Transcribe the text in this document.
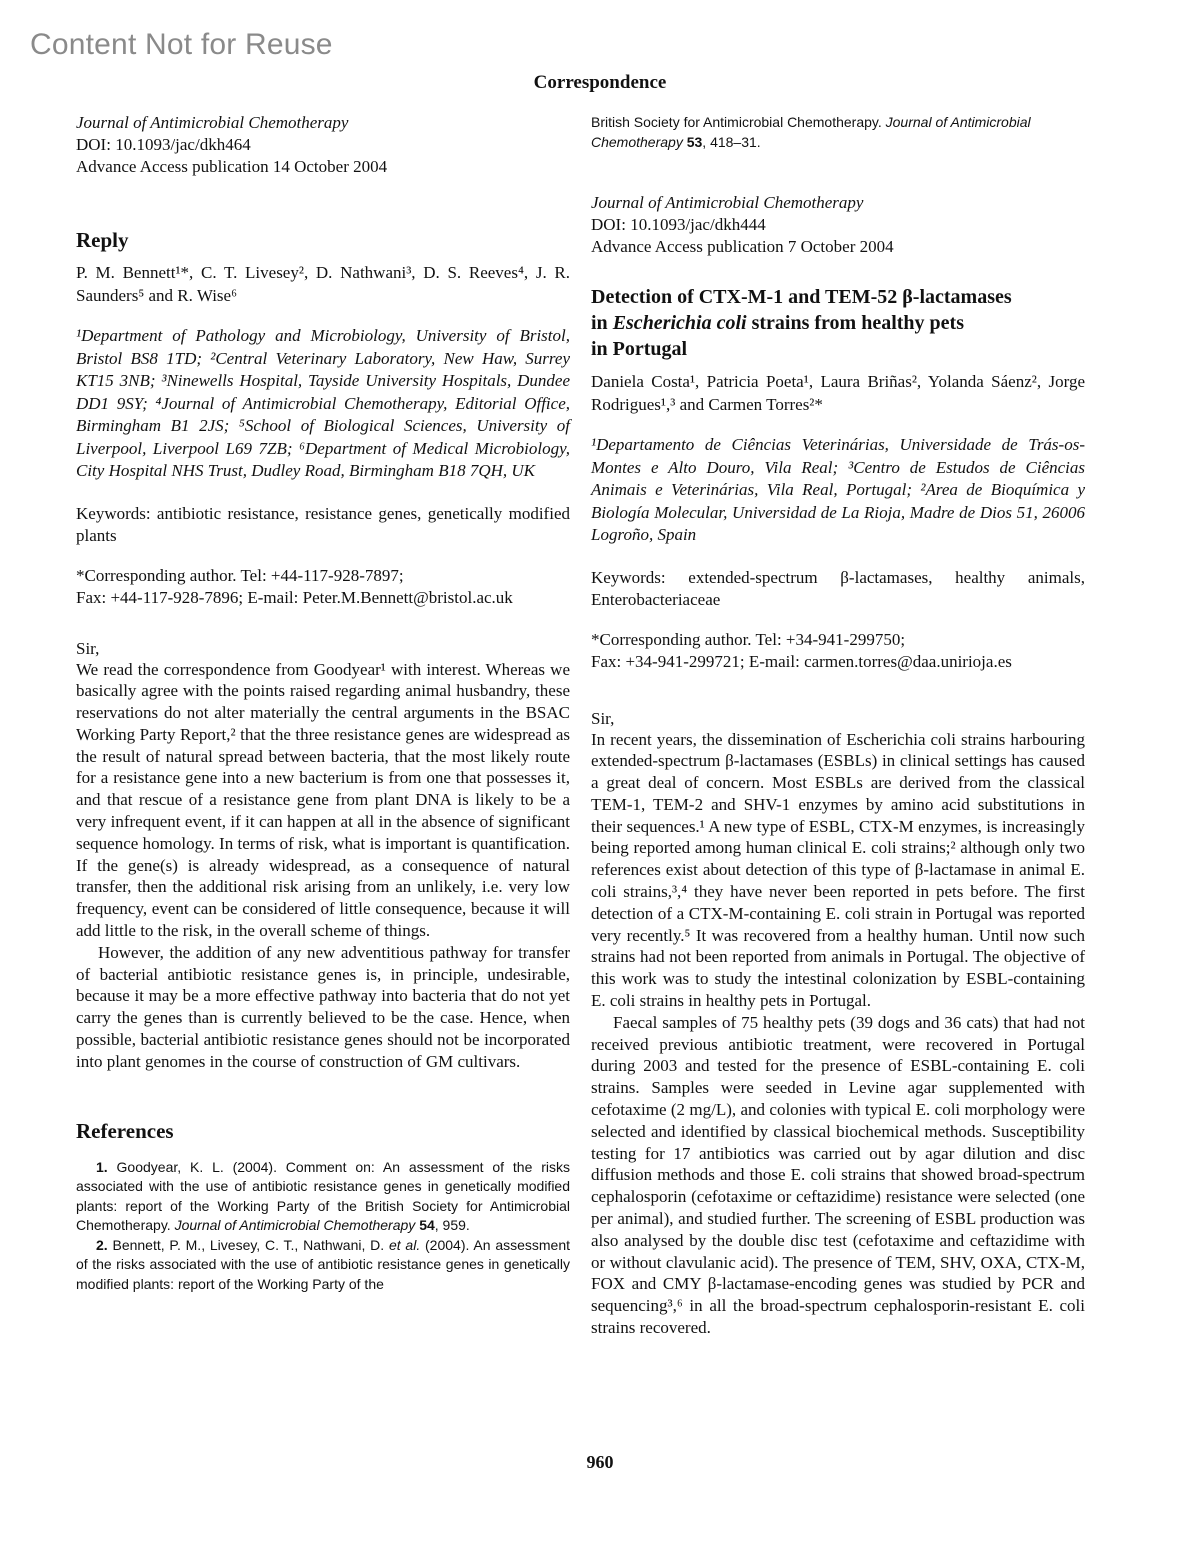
Content Not for Reuse
Correspondence
Journal of Antimicrobial Chemotherapy
DOI: 10.1093/jac/dkh464
Advance Access publication 14 October 2004
Reply
P. M. Bennett¹*, C. T. Livesey², D. Nathwani³, D. S. Reeves⁴, J. R. Saunders⁵ and R. Wise⁶
¹Department of Pathology and Microbiology, University of Bristol, Bristol BS8 1TD; ²Central Veterinary Laboratory, New Haw, Surrey KT15 3NB; ³Ninewells Hospital, Tayside University Hospitals, Dundee DD1 9SY; ⁴Journal of Antimicrobial Chemotherapy, Editorial Office, Birmingham B1 2JS; ⁵School of Biological Sciences, University of Liverpool, Liverpool L69 7ZB; ⁶Department of Medical Microbiology, City Hospital NHS Trust, Dudley Road, Birmingham B18 7QH, UK
Keywords: antibiotic resistance, resistance genes, genetically modified plants
*Corresponding author. Tel: +44-117-928-7897;
Fax: +44-117-928-7896; E-mail: Peter.M.Bennett@bristol.ac.uk
Sir,
We read the correspondence from Goodyear¹ with interest. Whereas we basically agree with the points raised regarding animal husbandry, these reservations do not alter materially the central arguments in the BSAC Working Party Report,² that the three resistance genes are widespread as the result of natural spread between bacteria, that the most likely route for a resistance gene into a new bacterium is from one that possesses it, and that rescue of a resistance gene from plant DNA is likely to be a very infrequent event, if it can happen at all in the absence of significant sequence homology. In terms of risk, what is important is quantification. If the gene(s) is already widespread, as a consequence of natural transfer, then the additional risk arising from an unlikely, i.e. very low frequency, event can be considered of little consequence, because it will add little to the risk, in the overall scheme of things.
However, the addition of any new adventitious pathway for transfer of bacterial antibiotic resistance genes is, in principle, undesirable, because it may be a more effective pathway into bacteria that do not yet carry the genes than is currently believed to be the case. Hence, when possible, bacterial antibiotic resistance genes should not be incorporated into plant genomes in the course of construction of GM cultivars.
References
1. Goodyear, K. L. (2004). Comment on: An assessment of the risks associated with the use of antibiotic resistance genes in genetically modified plants: report of the Working Party of the British Society for Antimicrobial Chemotherapy. Journal of Antimicrobial Chemotherapy 54, 959.
2. Bennett, P. M., Livesey, C. T., Nathwani, D. et al. (2004). An assessment of the risks associated with the use of antibiotic resistance genes in genetically modified plants: report of the Working Party of the
British Society for Antimicrobial Chemotherapy. Journal of Antimicrobial Chemotherapy 53, 418–31.
Journal of Antimicrobial Chemotherapy
DOI: 10.1093/jac/dkh444
Advance Access publication 7 October 2004
Detection of CTX-M-1 and TEM-52 β-lactamases
in Escherichia coli strains from healthy pets
in Portugal
Daniela Costa¹, Patricia Poeta¹, Laura Briñas², Yolanda Sáenz², Jorge Rodrigues¹,³ and Carmen Torres²*
¹Departamento de Ciências Veterinárias, Universidade de Trás-os-Montes e Alto Douro, Vila Real; ³Centro de Estudos de Ciências Animais e Veterinárias, Vila Real, Portugal; ²Area de Bioquímica y Biología Molecular, Universidad de La Rioja, Madre de Dios 51, 26006 Logroño, Spain
Keywords: extended-spectrum β-lactamases, healthy animals, Enterobacteriaceae
*Corresponding author. Tel: +34-941-299750;
Fax: +34-941-299721; E-mail: carmen.torres@daa.unirioja.es
Sir,
In recent years, the dissemination of Escherichia coli strains harbouring extended-spectrum β-lactamases (ESBLs) in clinical settings has caused a great deal of concern. Most ESBLs are derived from the classical TEM-1, TEM-2 and SHV-1 enzymes by amino acid substitutions in their sequences.¹ A new type of ESBL, CTX-M enzymes, is increasingly being reported among human clinical E. coli strains;² although only two references exist about detection of this type of β-lactamase in animal E. coli strains,³,⁴ they have never been reported in pets before. The first detection of a CTX-M-containing E. coli strain in Portugal was reported very recently.⁵ It was recovered from a healthy human. Until now such strains had not been reported from animals in Portugal. The objective of this work was to study the intestinal colonization by ESBL-containing E. coli strains in healthy pets in Portugal.
Faecal samples of 75 healthy pets (39 dogs and 36 cats) that had not received previous antibiotic treatment, were recovered in Portugal during 2003 and tested for the presence of ESBL-containing E. coli strains. Samples were seeded in Levine agar supplemented with cefotaxime (2 mg/L), and colonies with typical E. coli morphology were selected and identified by classical biochemical methods. Susceptibility testing for 17 antibiotics was carried out by agar dilution and disc diffusion methods and those E. coli strains that showed broad-spectrum cephalosporin (cefotaxime or ceftazidime) resistance were selected (one per animal), and studied further. The screening of ESBL production was also analysed by the double disc test (cefotaxime and ceftazidime with or without clavulanic acid). The presence of TEM, SHV, OXA, CTX-M, FOX and CMY β-lactamase-encoding genes was studied by PCR and sequencing³,⁶ in all the broad-spectrum cephalosporin-resistant E. coli strains recovered.
960
